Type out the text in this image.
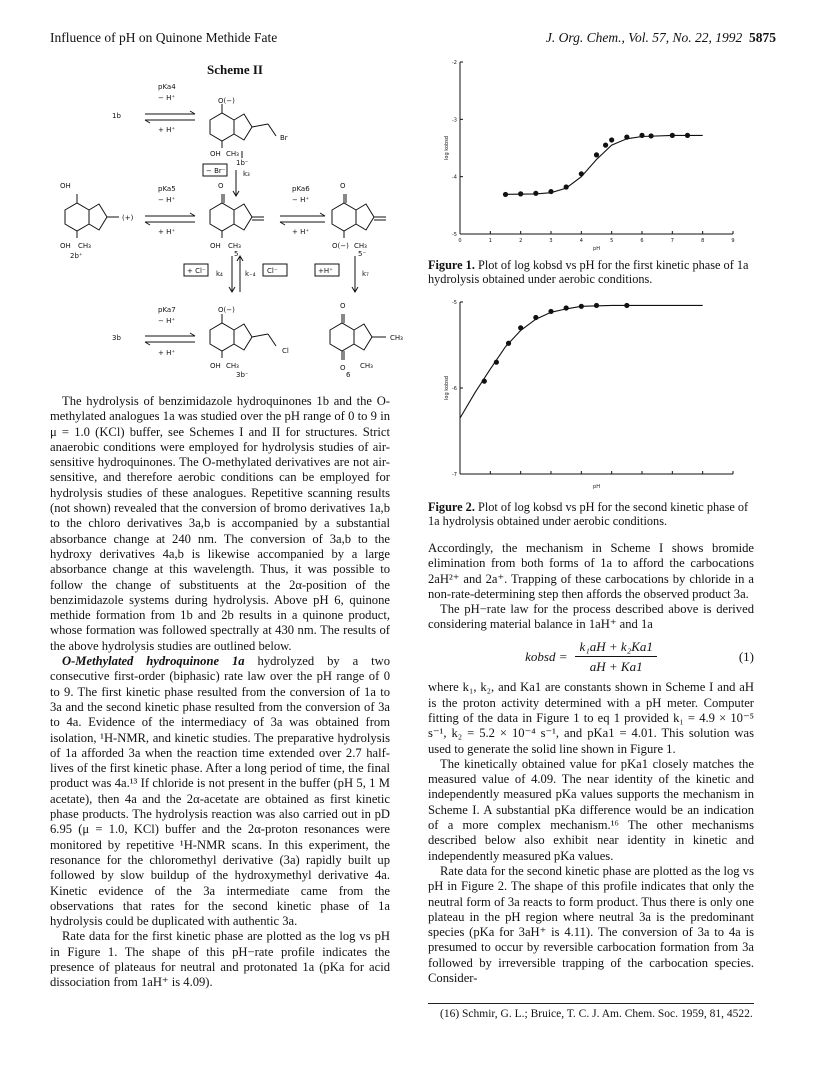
Influence of pH on Quinone Methide Fate	J. Org. Chem., Vol. 57, No. 22, 1992 5875
Scheme II
pKa4
− H⁺
+ H⁺
1b
O(−)
Br
OH CH₃
1b⁻
− Br⁻	k₃
pKa5
− H⁺
+ H⁺
pKa6
− H⁺
+ H⁺
OH
(+)
OH CH₃
2b⁺
O
OH CH₃
5
O
O(−) CH₃
5⁻
+ Cl⁻ k₄	k₋₄ Cl⁻	+H⁺	k₇
pKa7
− H⁺
+ H⁺
3b
O(−)
Cl
OH CH₃
3b⁻
O
CH₃
O CH₃
6

The hydrolysis of benzimidazole hydroquinones 1b and the O-methylated analogues 1a was studied over the pH range of 0 to 9 in μ = 1.0 (KCl) buffer, see Schemes I and II for structures. Strict anaerobic conditions were employed for hydrolysis studies of air-sensitive hydroquinones. The O-methylated derivatives are not air-sensitive, and therefore aerobic conditions can be employed for hydrolysis studies of these analogues. Repetitive scanning results (not shown) revealed that the conversion of bromo derivatives 1a,b to the chloro derivatives 3a,b is accompanied by a substantial absorbance change at 240 nm. The conversion of 3a,b to the hydroxy derivatives 4a,b is likewise accompanied by a large absorbance change at this wavelength. Thus, it was possible to follow the change of substituents at the 2α-position of the benzimidazole systems during hydrolysis. Above pH 6, quinone methide formation from 1b and 2b results in a quinone product, whose formation was followed spectrally at 430 nm. The results of the above hydrolysis studies are outlined below.

O-Methylated hydroquinone 1a hydrolyzed by a two consecutive first-order (biphasic) rate law over the pH range of 0 to 9. The first kinetic phase resulted from the conversion of 1a to 3a and the second kinetic phase resulted from the conversion of 3a to 4a. Evidence of the intermediacy of 3a was obtained from isolation, ¹H-NMR, and kinetic studies. The preparative hydrolysis of 1a afforded 3a when the reaction time extended over 2.7 half-lives of the first kinetic phase. After a long period of time, the final product was 4a.¹³ If chloride is not present in the buffer (pH 5, 1 M acetate), then 4a and the 2α-acetate are obtained as first kinetic phase products. The hydrolysis reaction was also carried out in pD 6.95 (μ = 1.0, KCl) buffer and the 2α-proton resonances were monitored by repetitive ¹H-NMR scans. In this experiment, the resonance for the chloromethyl derivative (3a) rapidly built up followed by slow buildup of the hydroxymethyl derivative 4a. Kinetic evidence of the 3a intermediate came from the observations that rates for the second kinetic phase of 1a hydrolysis could be duplicated with authentic 3a.

Rate data for the first kinetic phase are plotted as the log vs pH in Figure 1. The shape of this pH−rate profile indicates the presence of plateaus for neutral and protonated 1a (pKa for acid dissociation from 1aH⁺ is 4.09).

0	1	2	3	4	5	6	7	8	9
-2
-3
-4
-5
pH
log kobsd
Figure 1. Plot of log kobsd vs pH for the first kinetic phase of 1a hydrolysis obtained under aerobic conditions.
-5
-6
-7
pH
log kobsd
Figure 2. Plot of log kobsd vs pH for the second kinetic phase of 1a hydrolysis obtained under aerobic conditions.

Accordingly, the mechanism in Scheme I shows bromide elimination from both forms of 1a to afford the carbocations 2aH²⁺ and 2a⁺. Trapping of these carbocations by chloride in a non-rate-determining step then affords the observed product 3a.

The pH−rate law for the process described above is derived considering material balance in 1aH⁺ and 1a

kobsd = $\frac{\text{k₁aH + k₂Ka1}}{aH + Ka1}$	(1)

where k₁, k₂, and Ka1 are constants shown in Scheme I and aH is the proton activity determined with a pH meter. Computer fitting of the data in Figure 1 to eq 1 provided k₁ = 4.9 × 10⁻⁵ s⁻¹, k₂ = 5.2 × 10⁻⁴ s⁻¹, and pKa1 = 4.01. This solution was used to generate the solid line shown in Figure 1.

The kinetically obtained value for pKa1 closely matches the measured value of 4.09. The near identity of the kinetic and independently measured pKa values supports the mechanism in Scheme I. A substantial pKa difference would be an indication of a more complex mechanism.¹⁶ The other mechanisms described below also exhibit near identity in kinetic and independently measured pKa values.

Rate data for the second kinetic phase are plotted as the log vs pH in Figure 2. The shape of this profile indicates that only the neutral form of 3a reacts to form product. Thus there is only one plateau in the pH region where neutral 3a is the predominant species (pKa for 3aH⁺ is 4.11). The conversion of 3a to 4a is presumed to occur by reversible carbocation formation from 3a followed by irreversible trapping of the carbocation species. Consider-

(16) Schmir, G. L.; Bruice, T. C. J. Am. Chem. Soc. 1959, 81, 4522.
